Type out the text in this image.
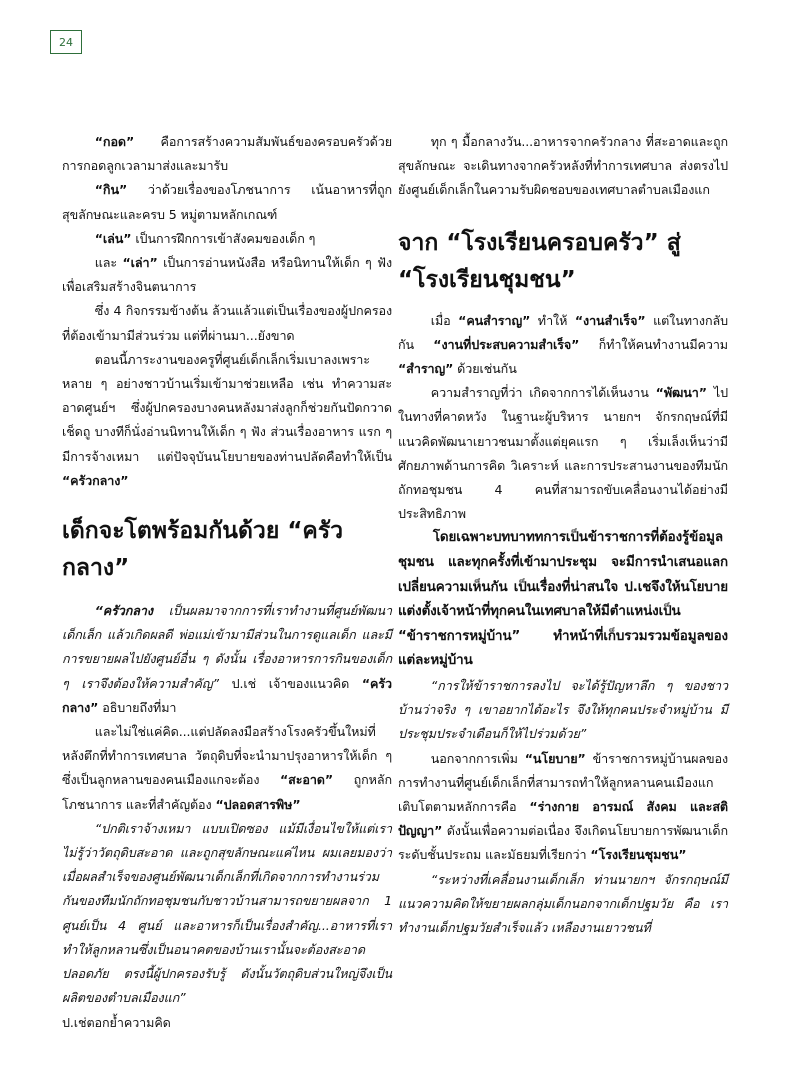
24

“กอด” คือการสร้างความสัมพันธ์ของครอบครัวด้วยการกอดลูกเวลามาส่งและมารับ

“กิน” ว่าด้วยเรื่องของโภชนาการ เน้นอาหารที่ถูกสุขลักษณะและครบ 5 หมู่ตามหลักเกณฑ์

“เล่น” เป็นการฝึกการเข้าสังคมของเด็ก ๆ

และ “เล่า” เป็นการอ่านหนังสือ หรือนิทานให้เด็ก ๆ ฟังเพื่อเสริมสร้างจินตนาการ

ซึ่ง 4 กิจกรรมข้างต้น ล้วนแล้วแต่เป็นเรื่องของผู้ปกครองที่ต้องเข้ามามีส่วนร่วม แต่ที่ผ่านมา...ยังขาด

ตอนนี้ภาระงานของครูที่ศูนย์เด็กเล็กเริ่มเบาลงเพราะหลาย ๆ อย่างชาวบ้านเริ่มเข้ามาช่วยเหลือ เช่น ทำความสะอาดศูนย์ฯ ซึ่งผู้ปกครองบางคนหลังมาส่งลูกก็ช่วยกันปัดกวาด เช็ดถู บางทีก็นั่งอ่านนิทานให้เด็ก ๆ ฟัง ส่วนเรื่องอาหาร แรก ๆ มีการจ้างเหมา แต่ปัจจุบันนโยบายของท่านปลัดคือทำให้เป็น “ครัวกลาง”

เด็กจะโตพร้อมกันด้วย “ครัวกลาง”

“ครัวกลาง เป็นผลมาจากการที่เราทำงานที่ศูนย์พัฒนาเด็กเล็ก แล้วเกิดผลดี พ่อแม่เข้ามามีส่วนในการดูแลเด็ก และมีการขยายผลไปยังศูนย์อื่น ๆ ดังนั้น เรื่องอาหารการกินของเด็ก ๆ เราจึงต้องให้ความสำคัญ” ป.เช่ เจ้าของแนวคิด “ครัวกลาง” อธิบายถึงที่มา

และไม่ใช่แค่คิด...แต่ปลัดลงมือสร้างโรงครัวขึ้นใหม่ที่หลังตึกที่ทำการเทศบาล วัตถุดิบที่จะนำมาปรุงอาหารให้เด็ก ๆ ซึ่งเป็นลูกหลานของคนเมืองแกจะต้อง “สะอาด” ถูกหลักโภชนาการ และที่สำคัญต้อง “ปลอดสารพิษ”

“ปกติเราจ้างเหมา แบบเปิดซอง แม้มีเงื่อนไขให้แต่เราไม่รู้ว่าวัตถุดิบสะอาด และถูกสุขลักษณะแค่ไหน ผมเลยมองว่า เมื่อผลสำเร็จของศูนย์พัฒนาเด็กเล็กที่เกิดจากการทำงานร่วมกันของทีมนักถักทอชุมชนกับชาวบ้านสามารถขยายผลจาก 1 ศูนย์เป็น 4 ศูนย์ และอาหารก็เป็นเรื่องสำคัญ...อาหารที่เราทำให้ลูกหลานซึ่งเป็นอนาคตของบ้านเรานั้นจะต้องสะอาด ปลอดภัย ตรงนี้ผู้ปกครองรับรู้ ดังนั้นวัตถุดิบส่วนใหญ่จึงเป็นผลิตของตำบลเมืองแก”

ป.เช่ตอกย้ำความคิด

ทุก ๆ มื้อกลางวัน...อาหารจากครัวกลาง ที่สะอาดและถูกสุขลักษณะ จะเดินทางจากครัวหลังที่ทำการเทศบาล ส่งตรงไปยังศูนย์เด็กเล็กในความรับผิดชอบของเทศบาลตำบลเมืองแก

จาก “โรงเรียนครอบครัว” สู่ “โรงเรียนชุมชน”

เมื่อ “คนสำราญ” ทำให้ “งานสำเร็จ” แต่ในทางกลับกัน “งานที่ประสบความสำเร็จ” ก็ทำให้คนทำงานมีความ “สำราญ” ด้วยเช่นกัน

ความสำราญที่ว่า เกิดจากการได้เห็นงาน “พัฒนา” ไปในทางที่คาดหวัง ในฐานะผู้บริหาร นายกฯ จักรกฤษณ์ที่มีแนวคิดพัฒนาเยาวชนมาตั้งแต่ยุคแรก ๆ เริ่มเล็งเห็นว่ามีศักยภาพด้านการคิด วิเคราะห์ และการประสานงานของทีมนักถักทอชุมชน 4 คนที่สามารถขับเคลื่อนงานได้อย่างมีประสิทธิภาพ

โดยเฉพาะบทบาททการเป็นข้าราชการที่ต้องรู้ข้อมูลชุมชน และทุกครั้งที่เข้ามาประชุม จะมีการนำเสนอแลกเปลี่ยนความเห็นกัน เป็นเรื่องที่น่าสนใจ ป.เชจึงให้นโยบายแต่งตั้งเจ้าหน้าที่ทุกคนในเทศบาลให้มีตำแหน่งเป็น “ข้าราชการหมู่บ้าน” ทำหน้าที่เก็บรวมรวมข้อมูลของแต่ละหมู่บ้าน

“การให้ข้าราชการลงไป จะได้รู้ปัญหาลึก ๆ ของชาวบ้านว่าจริง ๆ เขาอยากได้อะไร จึงให้ทุกคนประจำหมู่บ้าน มีประชุมประจำเดือนก็ให้ไปร่วมด้วย”

นอกจากการเพิ่ม “นโยบาย” ข้าราชการหมู่บ้านผลของการทำงานที่ศูนย์เด็กเล็กที่สามารถทำให้ลูกหลานคนเมืองแกเติบโตตามหลักการคือ “ร่างกาย อารมณ์ สังคม และสติปัญญา” ดังนั้นเพื่อความต่อเนื่อง จึงเกิดนโยบายการพัฒนาเด็กระดับชั้นประถม และมัธยมที่เรียกว่า “โรงเรียนชุมชน”

“ระหว่างที่เคลื่อนงานเด็กเล็ก ท่านนายกฯ จักรกฤษณ์มีแนวความคิดให้ขยายผลกลุ่มเด็กนอกจากเด็กปฐมวัย คือ เราทำงานเด็กปฐมวัยสำเร็จแล้ว เหลืองานเยาวชนที่
